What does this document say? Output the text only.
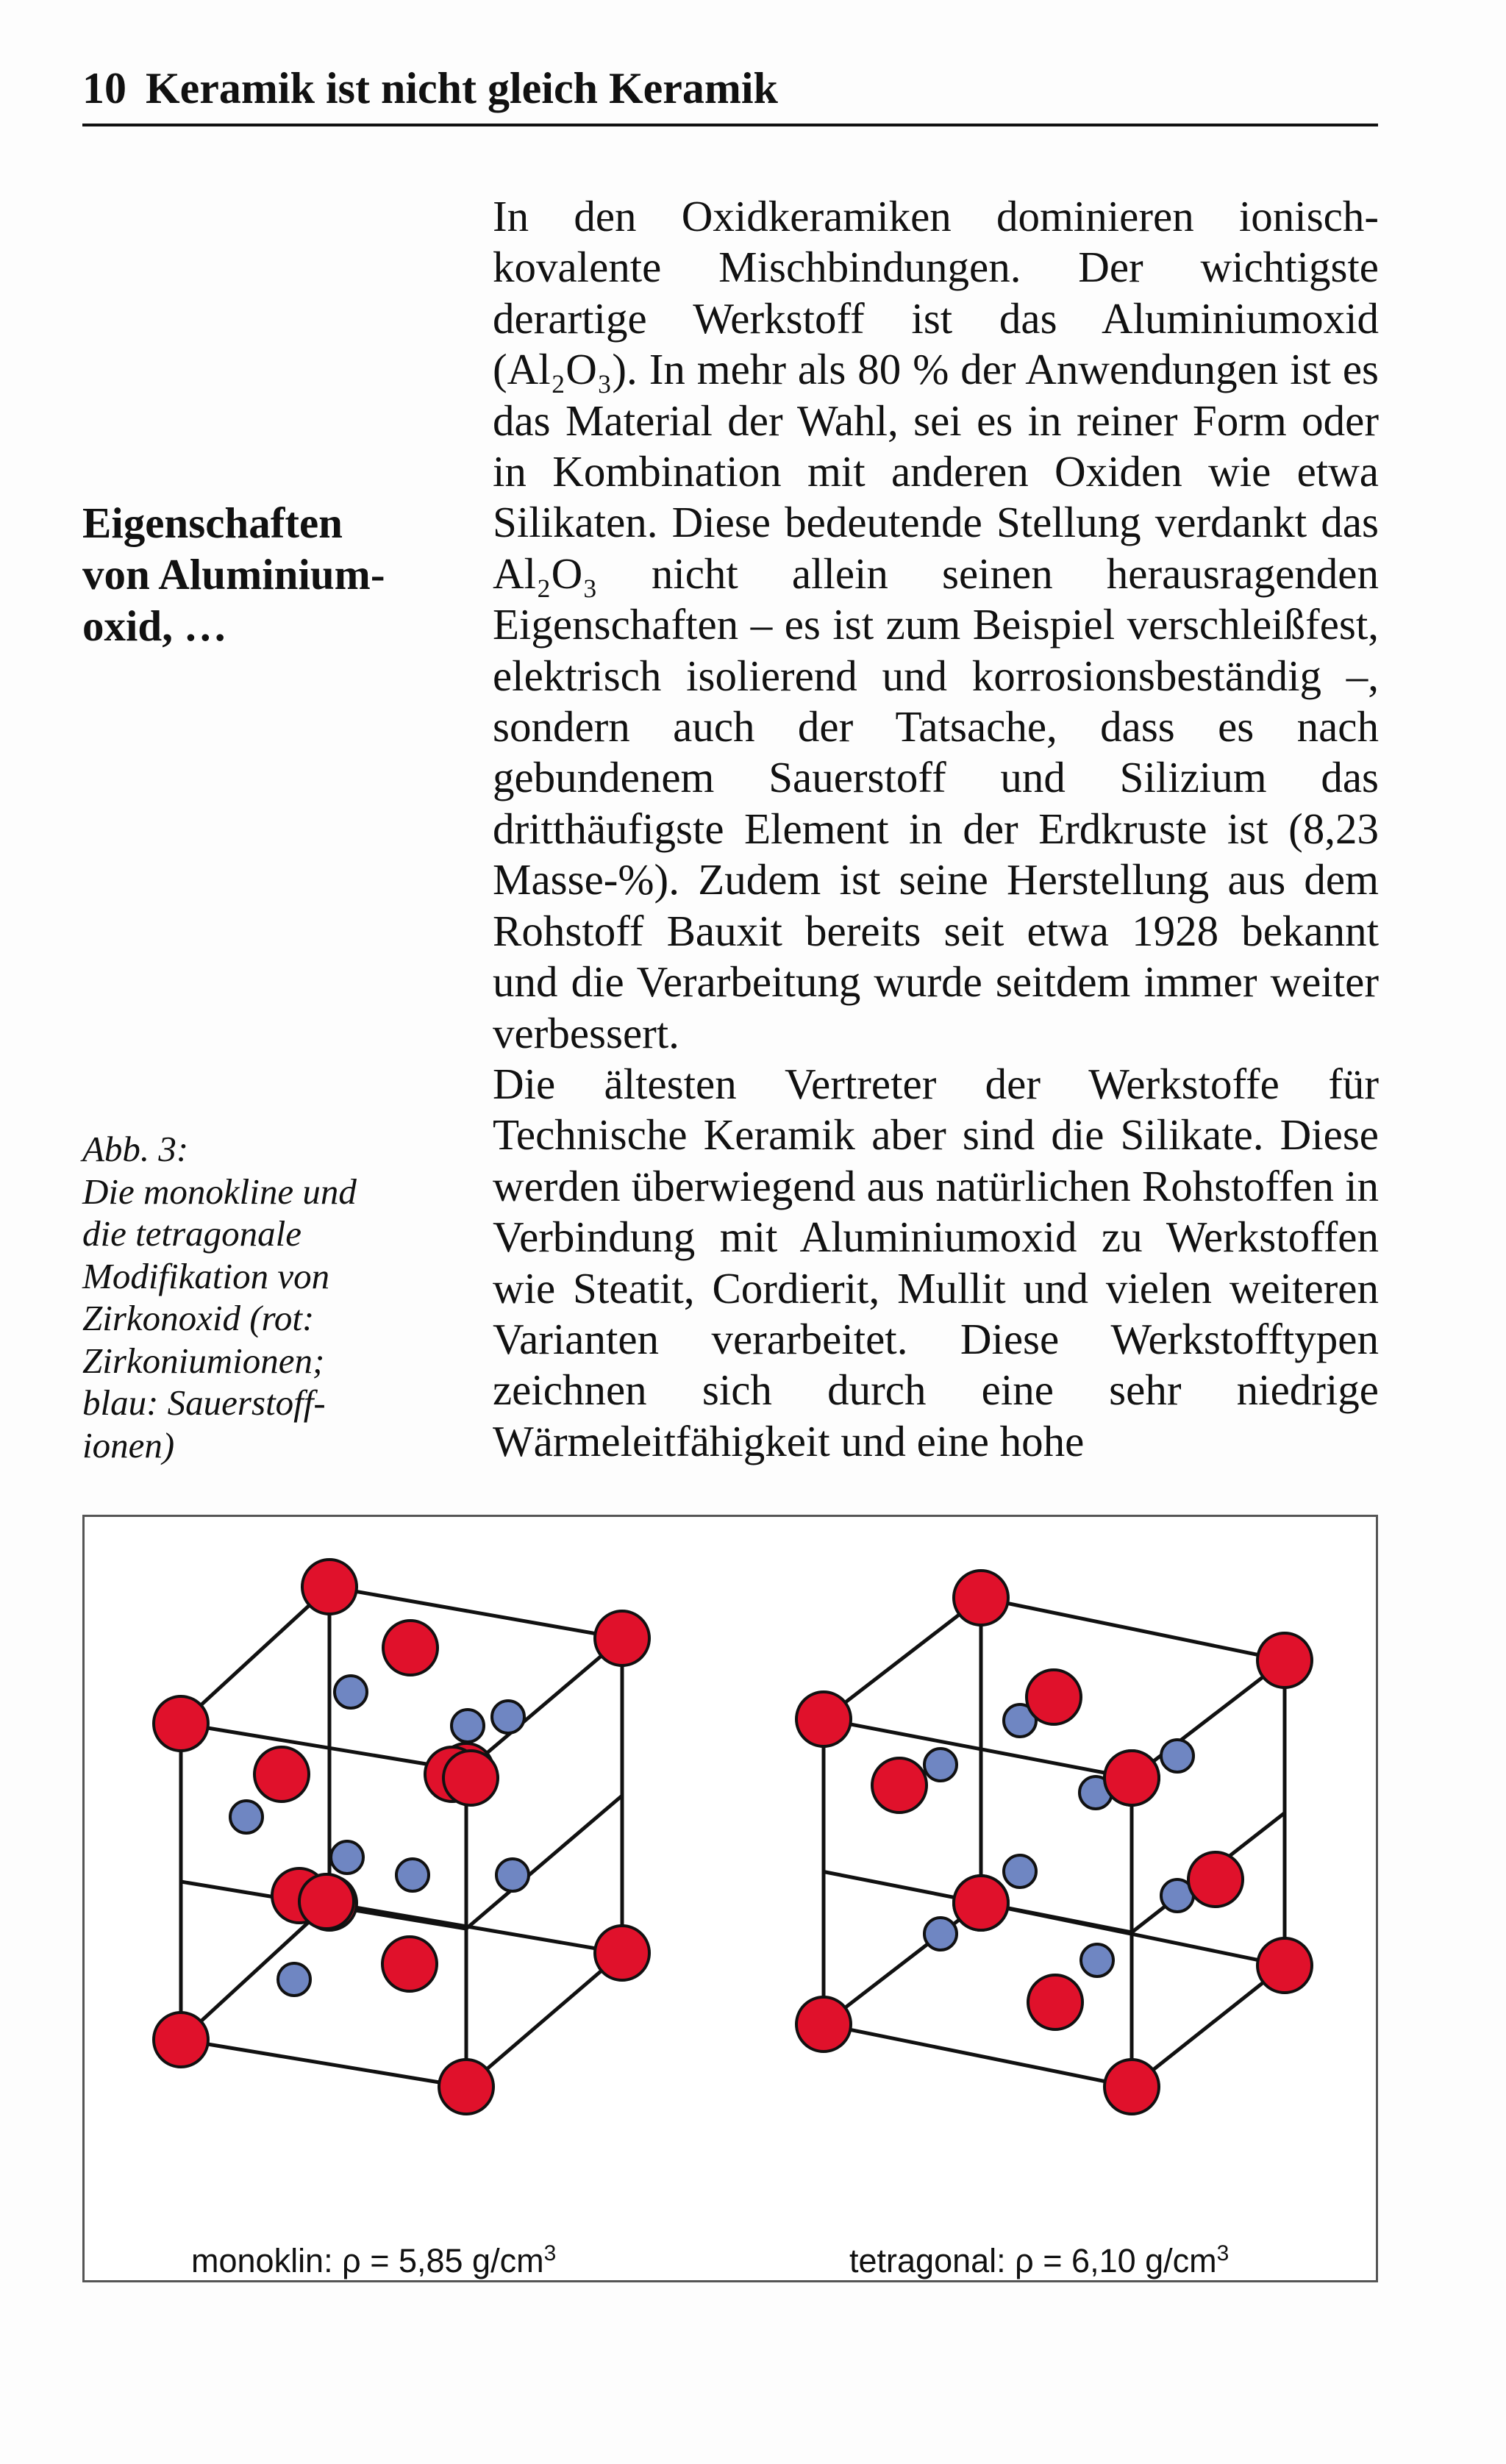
10 Keramik ist nicht gleich Keramik
Eigenschaften
von Aluminium-
oxid, …
Abb. 3:
Die monokline und
die tetragonale
Modifikation von
Zirkonoxid (rot:
Zirkoniumionen;
blau: Sauerstoff-
ionen)

In den Oxidkeramiken dominieren ionisch-kovalente Mischbindungen. Der wichtigste derartige Werkstoff ist das Aluminiumoxid (Al₂O₃). In mehr als 80 % der Anwendungen ist es das Material der Wahl, sei es in reiner Form oder in Kombination mit anderen Oxiden wie etwa Silikaten. Diese bedeutende Stellung verdankt das Al₂O₃ nicht allein seinen herausragenden Eigenschaften – es ist zum Beispiel verschleißfest, elektrisch isolierend und korrosionsbeständig –, sondern auch der Tatsache, dass es nach gebundenem Sauerstoff und Silizium das dritthäufigste Element in der Erdkruste ist (8,23 Masse-%). Zudem ist seine Herstellung aus dem Rohstoff Bauxit bereits seit etwa 1928 bekannt und die Verarbeitung wurde seitdem immer weiter verbessert.

Die ältesten Vertreter der Werkstoffe für Technische Keramik aber sind die Silikate. Diese werden überwiegend aus natürlichen Rohstoffen in Verbindung mit Aluminiumoxid zu Werkstoffen wie Steatit, Cordierit, Mullit und vielen weiteren Varianten verarbeitet. Diese Werkstofftypen zeichnen sich durch eine sehr niedrige Wärmeleitfähigkeit und eine hohe

monoklin: ρ = 5,85 $g/cm^3$	tetragonal: ρ = 6,10 $g/cm^3$
